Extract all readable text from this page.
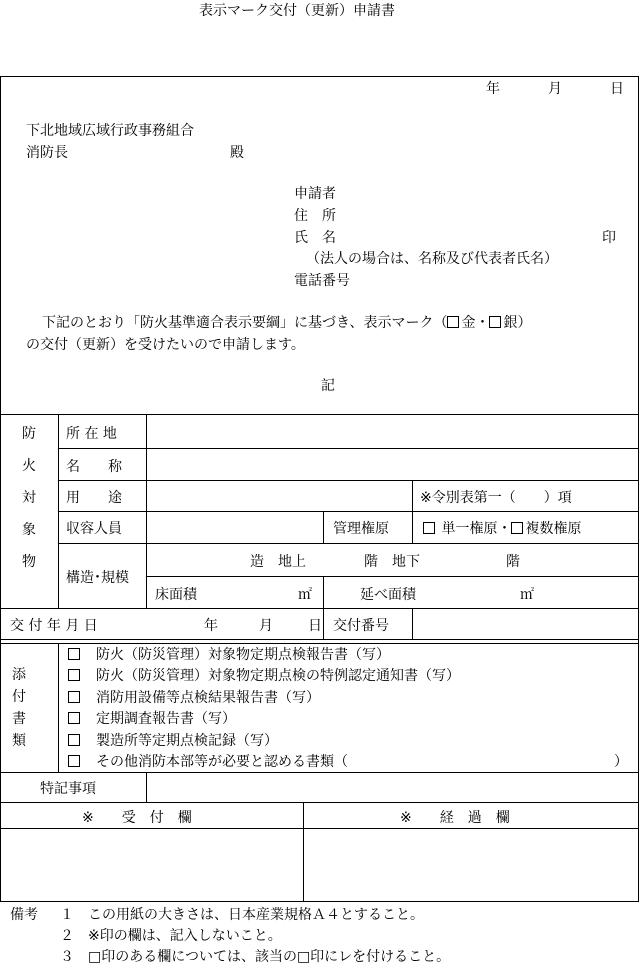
表示マーク交付（更新）申請書
年	月	日
下北地域広域行政事務組合
消防長	殿
申請者
住　所
氏　名	印
（法人の場合は、名称及び代表者氏名）
電話番号
下記のとおり「防火基準適合表示要綱」に基づき、表示マーク（ 金・ 銀）
の交付（更新）を受けたいので申請します。
記
防
火
対
象
物
所 在 地
名　　称
用　　途	※令別表第一（　　）項
収容人員	管理権原	単一権原・ 複数権原
構造･規模
造　地上	階　地下	階
床面積	㎡	延べ面積	㎡
交 付 年 月 日	年	月	日 交付番号
添
付
書
類
　防火（防災管理）対象物定期点検報告書（写）
　防火（防災管理）対象物定期点検の特例認定通知書（写）
　消防用設備等点検結果報告書（写）
　定期調査報告書（写）
　製造所等定期点検記録（写）
　その他消防本部等が必要と認める書類（	）
特記事項
※　　受　付　欄	※　　経　過　欄
備考 １　この用紙の大きさは、日本産業規格Ａ４とすること。
２　※印の欄は、記入しないこと。
３　□印のある欄については、該当の□印にレを付けること。
